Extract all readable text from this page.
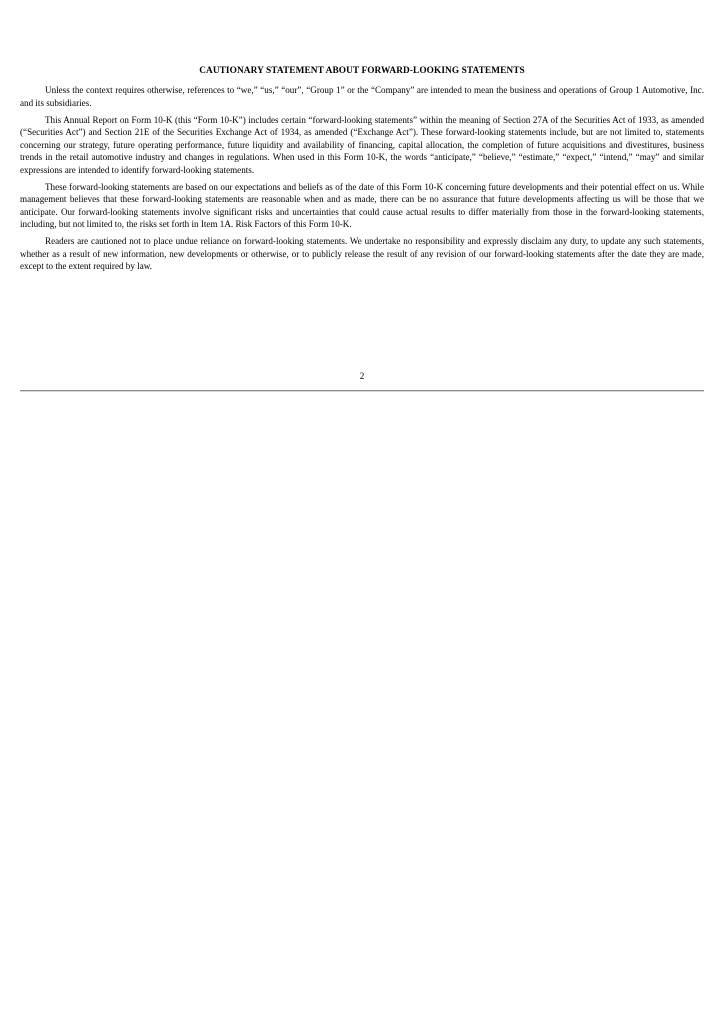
CAUTIONARY STATEMENT ABOUT FORWARD-LOOKING STATEMENTS

Unless the context requires otherwise, references to “we,” “us,” “our”, “Group 1” or the “Company” are intended to mean the business and operations of Group 1 Automotive, Inc. and its subsidiaries.

This Annual Report on Form 10-K (this “Form 10-K”) includes certain “forward-looking statements” within the meaning of Section 27A of the Securities Act of 1933, as amended (“Securities Act”) and Section 21E of the Securities Exchange Act of 1934, as amended (“Exchange Act”). These forward-looking statements include, but are not limited to, statements concerning our strategy, future operating performance, future liquidity and availability of financing, capital allocation, the completion of future acquisitions and divestitures, business trends in the retail automotive industry and changes in regulations. When used in this Form 10-K, the words “anticipate,” “believe,” “estimate,” “expect,” “intend,” “may” and similar expressions are intended to identify forward-looking statements.

These forward-looking statements are based on our expectations and beliefs as of the date of this Form 10-K concerning future developments and their potential effect on us. While management believes that these forward-looking statements are reasonable when and as made, there can be no assurance that future developments affecting us will be those that we anticipate. Our forward-looking statements involve significant risks and uncertainties that could cause actual results to differ materially from those in the forward-looking statements, including, but not limited to, the risks set forth in Item 1A. Risk Factors of this Form 10-K.

Readers are cautioned not to place undue reliance on forward-looking statements. We undertake no responsibility and expressly disclaim any duty, to update any such statements, whether as a result of new information, new developments or otherwise, or to publicly release the result of any revision of our forward-looking statements after the date they are made, except to the extent required by law.

2
